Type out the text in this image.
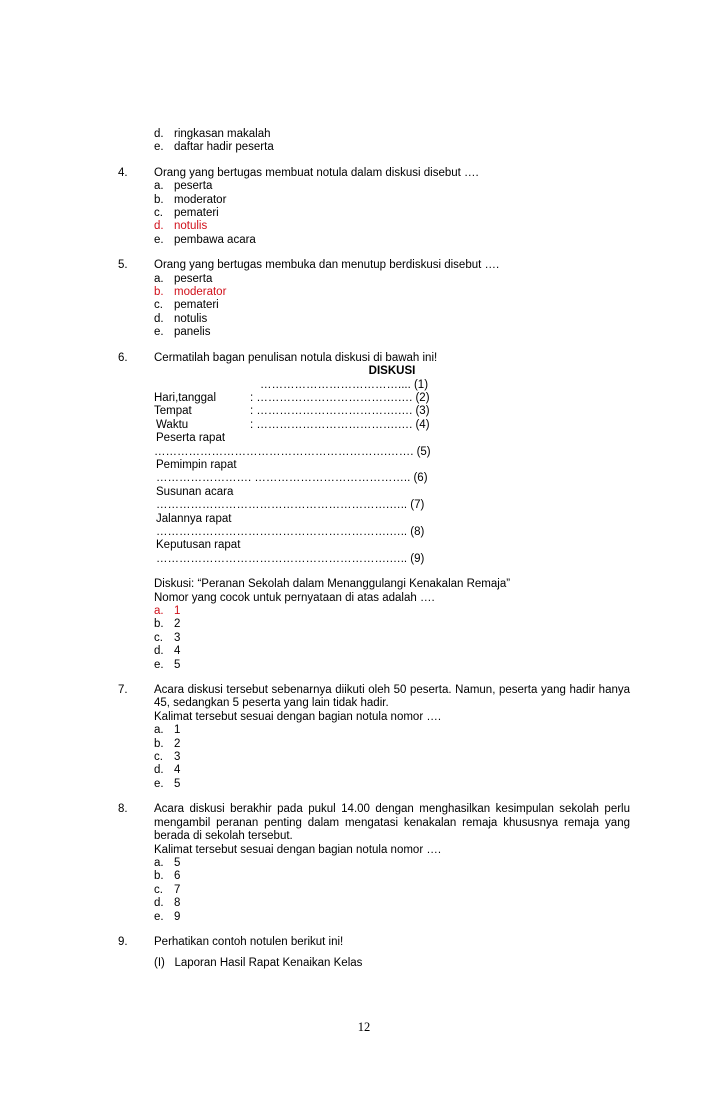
d. ringkasan makalah
e. daftar hadir peserta
4.	Orang yang bertugas membuat notula dalam diskusi disebut ….
a. peserta
b. moderator
c. pemateri
d. notulis
e. pembawa acara
5.	Orang yang bertugas membuka dan menutup berdiskusi disebut ….
a. peserta
b. moderator
c. pemateri
d. notulis
e. panelis
6.	Cermatilah bagan penulisan notula diskusi di bawah ini!
DISKUSI
……………………………….... (1)
Hari,tanggal	: ……………………………….…. (2)
Tempat	: ……………………………….…. (3)
Waktu	: ……………………………….…. (4)
Peserta rapat
…………………………………………………….……. (5)
Pemimpin rapat
……………………. ………………………………….. (6)
Susunan acara
…………………………………………………….….. (7)
Jalannya rapat
…………………………………………………….….. (8)
Keputusan rapat
…………………………………………………….….. (9)
Diskusi: “Peranan Sekolah dalam Menanggulangi Kenakalan Remaja”
Nomor yang cocok untuk pernyataan di atas adalah ….
a. 1
b. 2
c. 3
d. 4
e. 5
7.	Acara diskusi tersebut sebenarnya diikuti oleh 50 peserta. Namun, peserta yang hadir hanya 45, sedangkan 5 peserta yang lain tidak hadir.
Kalimat tersebut sesuai dengan bagian notula nomor ….
a. 1
b. 2
c. 3
d. 4
e. 5
8.	Acara diskusi berakhir pada pukul 14.00 dengan menghasilkan kesimpulan sekolah perlu mengambil peranan penting dalam mengatasi kenakalan remaja khususnya remaja yang berada di sekolah tersebut.
Kalimat tersebut sesuai dengan bagian notula nomor ….
a. 5
b. 6
c. 7
d. 8
e. 9
9.	Perhatikan contoh notulen berikut ini!
(I)   Laporan Hasil Rapat Kenaikan Kelas
12
